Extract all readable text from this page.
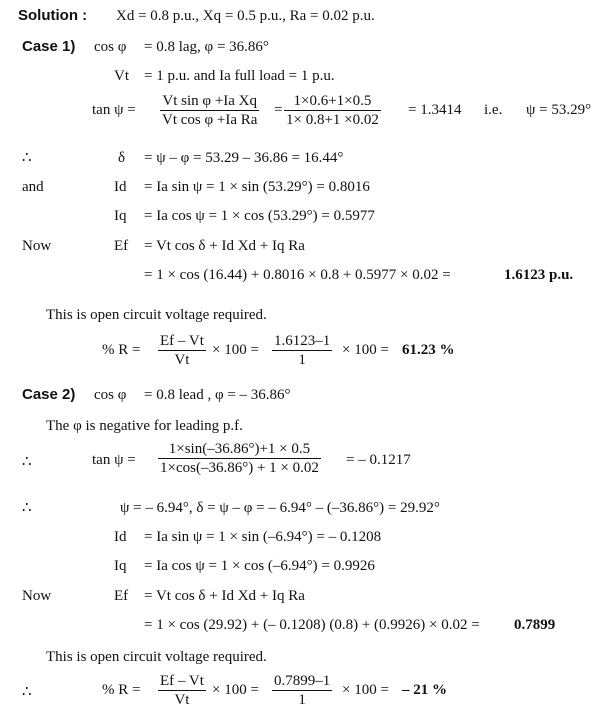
Solution : Xd = 0.8 p.u., Xq = 0.5 p.u., Ra = 0.02 p.u.
Case 1) cos φ = 0.8 lag, φ = 36.86°
Vt = 1 p.u. and Ia full load = 1 p.u.
$\tan \psi = \frac{\text{Vt sin φ +Ia Xq}}{\text{Vt cos φ +Ia Ra}} = \frac{1\times 0.6+1\times 0.5}{1\times 0.8+1 \times 0.02} = 1.3414$ i.e. ψ = 53.29°
∴	δ = ψ – φ = 53.29 – 36.86 = 16.44°
and	Id = Ia sin ψ = 1 × sin (53.29°) = 0.8016
Iq = Ia cos ψ = 1 × cos (53.29°) = 0.5977
Now	Ef = Vt cos δ + Id Xd + Iq Ra
= 1 × cos (16.44) + 0.8016 × 0.8 + 0.5977 × 0.02 =	1.6123 p.u.
This is open circuit voltage required.
% $R = \frac{Ef - Vt}{Vt} \times 100 = \frac{1.6123-1}{1} \times 100 = 61.23$ %
Case 2) cos φ = 0.8 lead , φ = – 36.86°
The φ is negative for leading p.f.
∴	$\tan \psi = \frac{1\times\sin(-36.86^\circ)+1 \times 0.5}{1\times\cos(-36.86^\circ) + 1 \times 0.02}$ = – 0.1217
∴	ψ = – 6.94°, δ = ψ – φ = – 6.94° – (–36.86°) = 29.92°
Id = Ia sin ψ = 1 × sin (–6.94°) = – 0.1208
Iq = Ia cos ψ = 1 × cos (–6.94°) = 0.9926
Now	Ef = Vt cos δ + Id Xd + Iq Ra
= 1 × cos (29.92) + (– 0.1208) (0.8) + (0.9926) × 0.02 = 0.7899
This is open circuit voltage required.
∴	% $R = \frac{Ef - Vt}{Vt} \times 100 = \frac{0.7899-1}{1} \times 100$ = – 21 %
